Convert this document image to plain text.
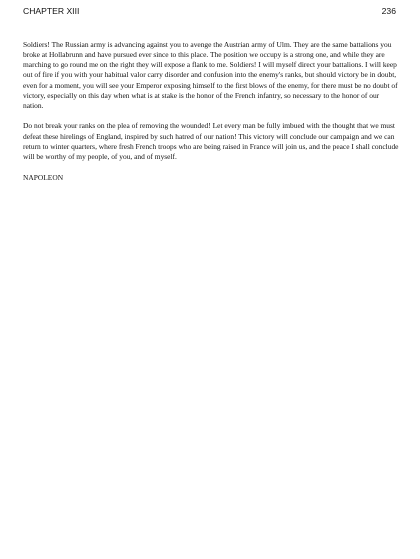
CHAPTER XIII	236

Soldiers! The Russian army is advancing against you to avenge the Austrian army of Ulm. They are the same battalions you broke at Hollabrunn and have pursued ever since to this place. The position we occupy is a strong one, and while they are marching to go round me on the right they will expose a flank to me. Soldiers! I will myself direct your battalions. I will keep out of fire if you with your habitual valor carry disorder and confusion into the enemy's ranks, but should victory be in doubt, even for a moment, you will see your Emperor exposing himself to the first blows of the enemy, for there must be no doubt of victory, especially on this day when what is at stake is the honor of the French infantry, so necessary to the honor of our nation.

Do not break your ranks on the plea of removing the wounded! Let every man be fully imbued with the thought that we must defeat these hirelings of England, inspired by such hatred of our nation! This victory will conclude our campaign and we can return to winter quarters, where fresh French troops who are being raised in France will join us, and the peace I shall conclude will be worthy of my people, of you, and of myself.

NAPOLEON
